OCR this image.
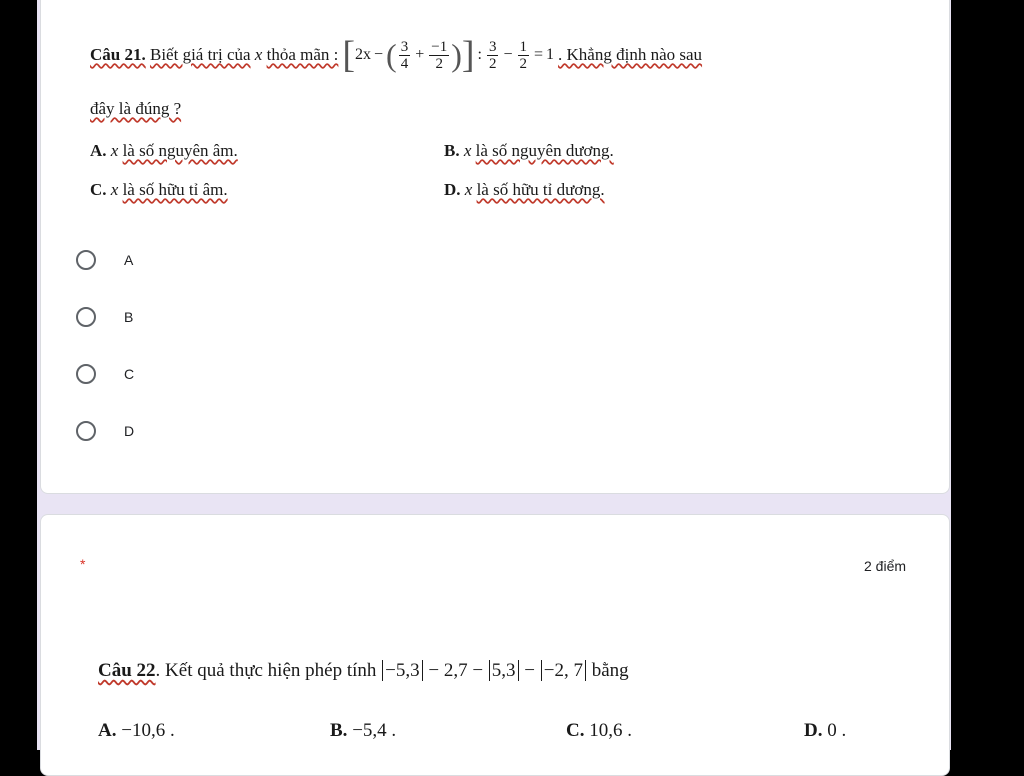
Câu 21.
Biết giá trị của
x
thỏa mãn : [ 2x − ( $\frac{3}{4} + \frac{-1}{2}$ ) ] : $\frac{3}{2} - \frac{1}{2} = 1$ . Khẳng định nào sau
đây là đúng ?
A. x là số nguyên âm.	B. x là số nguyên dương.
C. x là số hữu tỉ âm.	D. x là số hữu tỉ dương.
A
B
C
D
*	2 điểm
Câu 22. Kết quả thực hiện phép tính −5,3 − 2,7 − 5,3 − −2, 7 bằng
A. −10,6 .	B. −5,4 .	C. 10,6 .	D. 0 .
